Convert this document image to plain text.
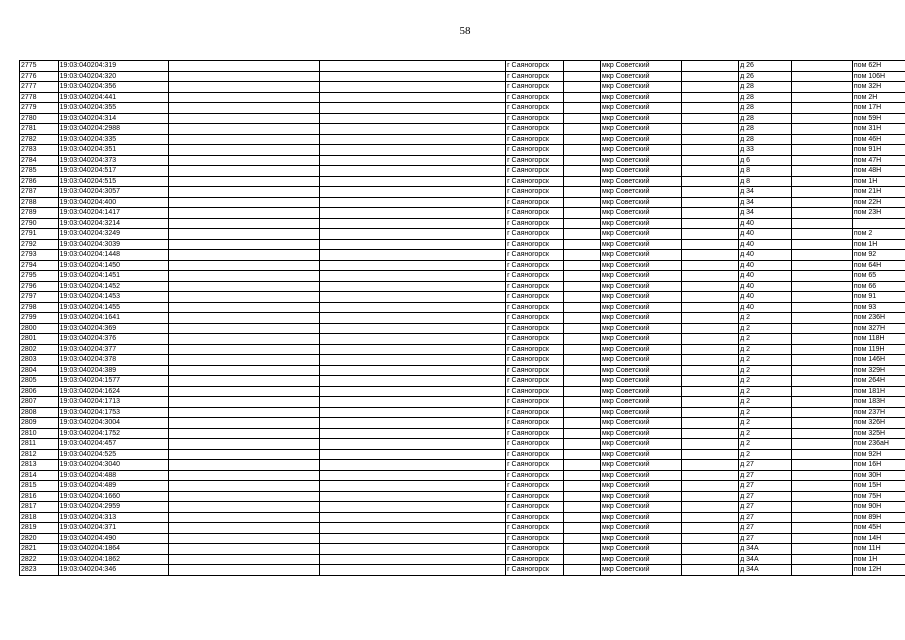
58
2775	19:03:040204:319			г Саяногорск		мкр Советский		д 26		пом 62Н
2776	19:03:040204:320			г Саяногорск		мкр Советский		д 26		пом 106Н
2777	19:03:040204:356			г Саяногорск		мкр Советский		д 28		пом 32Н
2778	19:03:040204:441			г Саяногорск		мкр Советский		д 28		пом 2Н
2779	19:03:040204:355			г Саяногорск		мкр Советский		д 28		пом 17Н
2780	19:03:040204:314			г Саяногорск		мкр Советский		д 28		пом 59Н
2781	19:03:040204:2988			г Саяногорск		мкр Советский		д 28		пом 31Н
2782	19:03:040204:335			г Саяногорск		мкр Советский		д 28		пом 46Н
2783	19:03:040204:351			г Саяногорск		мкр Советский		д 33		пом 91Н
2784	19:03:040204:373			г Саяногорск		мкр Советский		д 6		пом 47Н
2785	19:03:040204:517			г Саяногорск		мкр Советский		д 8		пом 48Н
2786	19:03:040204:515			г Саяногорск		мкр Советский		д 8		пом 1Н
2787	19:03:040204:3057			г Саяногорск		мкр Советский		д 34		пом 21Н
2788	19:03:040204:400			г Саяногорск		мкр Советский		д 34		пом 22Н
2789	19:03:040204:1417			г Саяногорск		мкр Советский		д 34		пом 23Н
2790	19:03:040204:3214			г Саяногорск		мкр Советский		д 40		
2791	19:03:040204:3249			г Саяногорск		мкр Советский		д 40		пом 2
2792	19:03:040204:3039			г Саяногорск		мкр Советский		д 40		пом 1Н
2793	19:03:040204:1448			г Саяногорск		мкр Советский		д 40		пом 92
2794	19:03:040204:1450			г Саяногорск		мкр Советский		д 40		пом 64Н
2795	19:03:040204:1451			г Саяногорск		мкр Советский		д 40		пом 65
2796	19:03:040204:1452			г Саяногорск		мкр Советский		д 40		пом 66
2797	19:03:040204:1453			г Саяногорск		мкр Советский		д 40		пом 91
2798	19:03:040204:1455			г Саяногорск		мкр Советский		д 40		пом 93
2799	19:03:040204:1641			г Саяногорск		мкр Советский		д 2		пом 236Н
2800	19:03:040204:369			г Саяногорск		мкр Советский		д 2		пом 327Н
2801	19:03:040204:376			г Саяногорск		мкр Советский		д 2		пом 118Н
2802	19:03:040204:377			г Саяногорск		мкр Советский		д 2		пом 119Н
2803	19:03:040204:378			г Саяногорск		мкр Советский		д 2		пом 146Н
2804	19:03:040204:389			г Саяногорск		мкр Советский		д 2		пом 329Н
2805	19:03:040204:1577			г Саяногорск		мкр Советский		д 2		пом 264Н
2806	19:03:040204:1624			г Саяногорск		мкр Советский		д 2		пом 181Н
2807	19:03:040204:1713			г Саяногорск		мкр Советский		д 2		пом 183Н
2808	19:03:040204:1753			г Саяногорск		мкр Советский		д 2		пом 237Н
2809	19:03:040204:3004			г Саяногорск		мкр Советский		д 2		пом 326Н
2810	19:03:040204:1752			г Саяногорск		мкр Советский		д 2		пом 325Н
2811	19:03:040204:457			г Саяногорск		мкр Советский		д 2		пом 236аН
2812	19:03:040204:525			г Саяногорск		мкр Советский		д 2		пом 92Н
2813	19:03:040204:3040			г Саяногорск		мкр Советский		д 27		пом 16Н
2814	19:03:040204:488			г Саяногорск		мкр Советский		д 27		пом 30Н
2815	19:03:040204:489			г Саяногорск		мкр Советский		д 27		пом 15Н
2816	19:03:040204:1660			г Саяногорск		мкр Советский		д 27		пом 75Н
2817	19:03:040204:2959			г Саяногорск		мкр Советский		д 27		пом 90Н
2818	19:03:040204:313			г Саяногорск		мкр Советский		д 27		пом 89Н
2819	19:03:040204:371			г Саяногорск		мкр Советский		д 27		пом 45Н
2820	19:03:040204:490			г Саяногорск		мкр Советский		д 27		пом 14Н
2821	19:03:040204:1864			г Саяногорск		мкр Советский		д 34А		пом 11Н
2822	19:03:040204:1862			г Саяногорск		мкр Советский		д 34А		пом 1Н
2823	19:03:040204:346			г Саяногорск		мкр Советский		д 34А		пом 12Н
